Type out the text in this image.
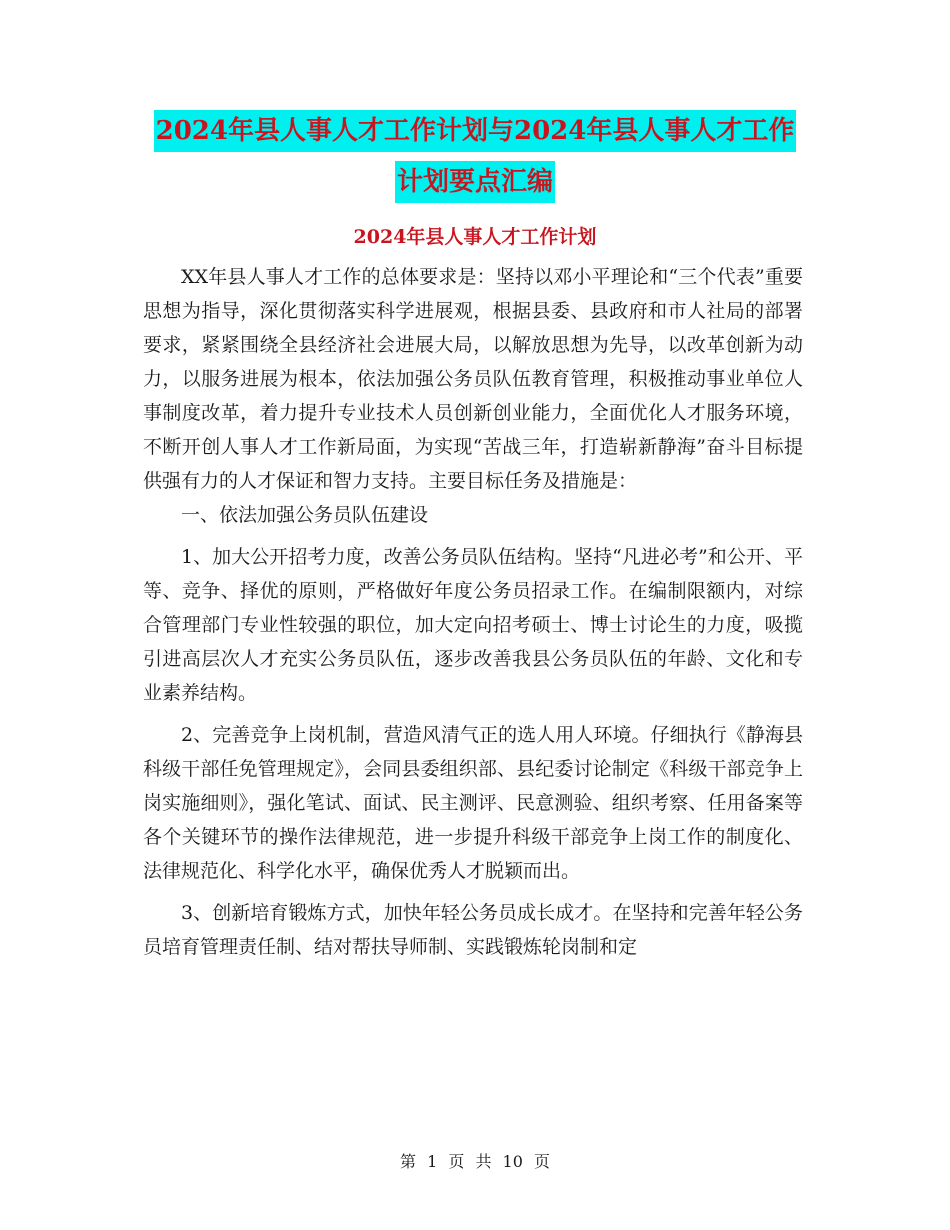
2024年县人事人才工作计划与2024年县人事人才工作
计划要点汇编
2024年县人事人才工作计划

XX年县人事人才工作的总体要求是：坚持以邓小平理论和“三个代表”重要思想为指导，深化贯彻落实科学进展观，根据县委、县政府和市人社局的部署要求，紧紧围绕全县经济社会进展大局，以解放思想为先导，以改革创新为动力，以服务进展为根本，依法加强公务员队伍教育管理，积极推动事业单位人事制度改革，着力提升专业技术人员创新创业能力，全面优化人才服务环境，不断开创人事人才工作新局面，为实现“苦战三年，打造崭新静海”奋斗目标提供强有力的人才保证和智力支持。主要目标任务及措施是：

一、依法加强公务员队伍建设

1、加大公开招考力度，改善公务员队伍结构。坚持“凡进必考”和公开、平等、竞争、择优的原则，严格做好年度公务员招录工作。在编制限额内，对综合管理部门专业性较强的职位，加大定向招考硕士、博士讨论生的力度，吸揽引进高层次人才充实公务员队伍，逐步改善我县公务员队伍的年龄、文化和专业素养结构。

2、完善竞争上岗机制，营造风清气正的选人用人环境。仔细执行《静海县科级干部任免管理规定》，会同县委组织部、县纪委讨论制定《科级干部竞争上岗实施细则》，强化笔试、面试、民主测评、民意测验、组织考察、任用备案等各个关键环节的操作法律规范，进一步提升科级干部竞争上岗工作的制度化、法律规范化、科学化水平，确保优秀人才脱颖而出。

3、创新培育锻炼方式，加快年轻公务员成长成才。在坚持和完善年轻公务员培育管理责任制、结对帮扶导师制、实践锻炼轮岗制和定

第 1 页 共 10 页
